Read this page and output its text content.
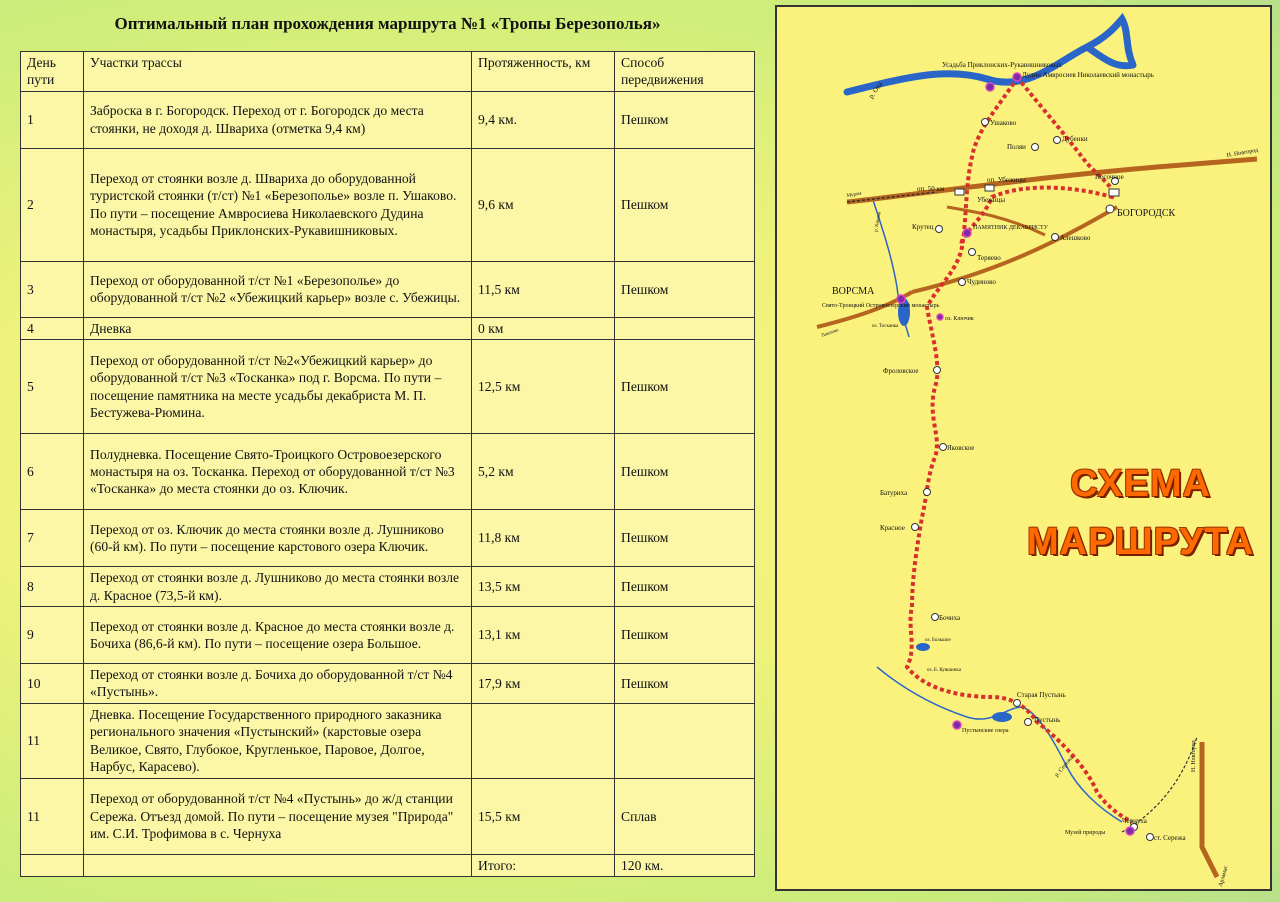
Оптимальный план прохождения маршрута №1 «Тропы Березополья»
День пути	Участки трассы	Протяженность, км	Способ передвижения
1	Заброска в г. Богородск. Переход от г. Богородск до места стоянки, не доходя д. Швариха (отметка 9,4 км)	9,4 км.	Пешком
2	Переход от стоянки возле д. Швариха до оборудованной туристской стоянки (т/ст) №1 «Березополье» возле п. Ушаково. По пути – посещение Амвросиева Николаевского Дудина монастыря, усадьбы Приклонских-Рукавишниковых.	9,6 км	Пешком
3	Переход от оборудованной т/ст №1 «Березополье» до оборудованной т/ст №2 «Убежицкий карьер» возле с. Убежицы.	11,5 км	Пешком
4	Дневка	0 км	
5	Переход от оборудованной т/ст №2«Убежицкий карьер» до оборудованной т/ст №3 «Тосканка» под г. Ворсма. По пути – посещение памятника на месте усадьбы декабриста М. П. Бестужева-Рюмина.	12,5 км	Пешком
6	Полудневка. Посещение Свято-Троицкого Островоезерского монастыря на оз. Тосканка. Переход от оборудованной т/ст №3 «Тосканка» до места стоянки до оз. Ключик.	5,2 км	Пешком
7	Переход от оз. Ключик до места стоянки возле д. Лушниково (60-й км). По пути – посещение карстового озера Ключик.	11,8 км	Пешком
8	Переход от стоянки возле д. Лушниково до места стоянки возле д. Красное (73,5-й км).	13,5 км	Пешком
9	Переход от стоянки возле д. Красное до места стоянки возле д. Бочиха (86,6-й км). По пути – посещение озера Большое.	13,1 км	Пешком
10	Переход от стоянки возле д. Бочиха до оборудованной т/ст №4 «Пустынь».	17,9 км	Пешком
11	Дневка. Посещение Государственного природного заказника регионального значения «Пустынский» (карстовые озера Великое, Свято, Глубокое, Кругленькое, Паровое, Долгое, Нарбус, Карасево).		
11	Переход от оборудованной т/ст №4 «Пустынь» до ж/д станции Сережа. Отъезд домой. По пути – посещение музея "Природа" им. С.И. Трофимова в с. Чернуха	15,5 км	Сплав
		Итого:	120 км.
Усадьба Приклонских-Рукавишниковых
Дудин Амвросиев Николаевский монастырь
р. Ока
Ушаково
Поляи
Дубенки
Песочное
оп. 50 км
оп. Убежицы
Убежицы
БОГОРОДСК
Крутец	ПАМЯТНИК ДЕКАБРИСТУ
Алешково
Теряево
Чудиново
ВОРСМА
Свято-Троицкий Островоезерский монастырь
оз. Ключик
оз. Тосканка
Фроловское
Яковское
Батуриха
Красное
Бочиха
оз. Большое
оз. Б. Кувшинка
Старая Пустынь
Пустынь
Пустынские озера
р. Сережа
Чернуха
ст. Сережа
Музей природы
Н. Новгород
Н. Новгород
Арзамас
Муром
Павлово
р. Кишма
СХЕМА
МАРШРУТА
